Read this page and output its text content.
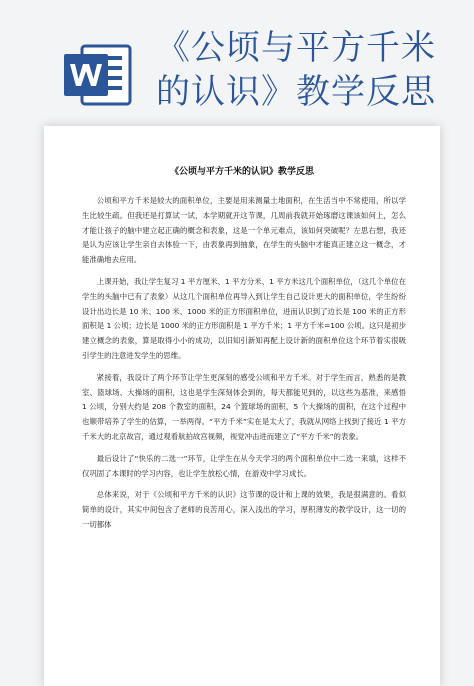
《公顷与平方千米的认识》教学反思
《公顷与平方千米的认识》教学反思

公顷和平方千米是较大的面积单位，主要是用来测量土地面积，在生活当中不常使用，所以学生比较生疏。但我还是打算试一试，本学期就开这节课，几周前我就开始琢磨这课该如何上，怎么才能让孩子的脑中建立起正确的概念和表象，这是一个单元难点，该如何突破呢？左思右想，我还是认为应该让学生亲自去体验一下，由表象再到抽象，在学生的头脑中才能真正建立这一概念，才能准确地去应用。

上课开始，我让学生复习 1 平方厘米、1 平方分米、1 平方米这几个面积单位，（这几个单位在学生的头脑中已有了表象）从这几个面积单位再导入到让学生自己设计更大的面积单位，学生纷纷设计出边长是 10 米、100 米、1000 米的正方形面积单位，进而认识到了边长是 100 米的正方形面积是 1 公顷；边长是 1000 米的正方形面积是 1 平方千米；1 平方千米=100 公顷。这只是初步建立概念的表象，算是取得小小的成功，以旧知引新知再配上设计新的面积单位这个环节着实很吸引学生的注意进发学生的思维。

紧接着，我设计了两个环节让学生更深刻的感受公顷和平方千米。对于学生而言，熟悉的是教室、篮球场、大操场的面积，这也是学生深刻体会到的，每天都能见到的，以这些为基准，来感悟 1 公顷，分别大约是 208 个教室的面积，24 个篮球场的面积，5 个大操场的面积，在这个过程中也顺带培养了学生的估算，一举两得。“平方千米”实在是太大了，我就从网络上找到了接近 1 平方千米大的北京故宫，通过观看航拍故宫视频，视觉冲击进而建立了“平方千米”的表象。

最后设计了“快乐的二选一”环节，让学生在从今天学习的两个面积单位中二选一来填，这样不仅巩固了本课时的学习内容，也让学生放松心情，在游戏中学习成长。

总体来说，对于《公顷和平方千米的认识》这节课的设计和上课的效果，我是很满意的。看似简单的设计，其实中间包含了老师的良苦用心，深入浅出的学习，厚积薄发的教学设计，这一切的一切都体
